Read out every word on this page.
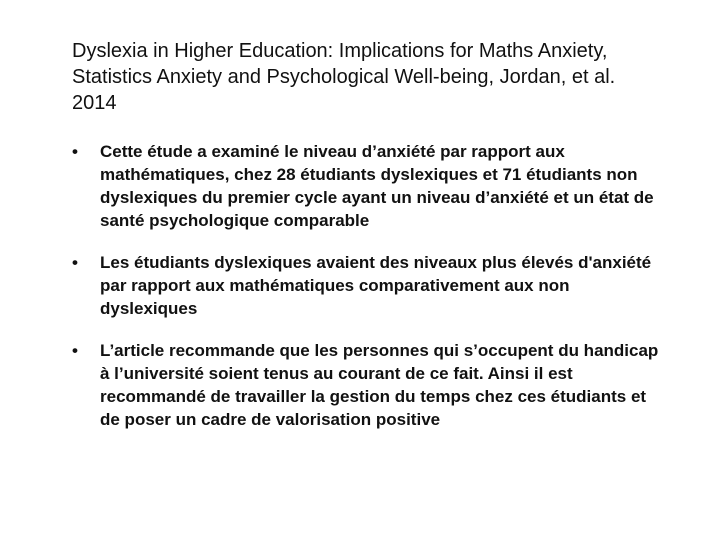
Dyslexia in Higher Education: Implications for Maths Anxiety, Statistics Anxiety and Psychological Well-being, Jordan, et al. 2014
• Cette étude a examiné le niveau d’anxiété par rapport aux mathématiques, chez 28 étudiants dyslexiques et 71 étudiants non dyslexiques du premier cycle ayant un niveau d’anxiété et un état de santé psychologique comparable
• Les étudiants dyslexiques avaient des niveaux plus élevés d'anxiété par rapport aux mathématiques comparativement aux non dyslexiques
• L’article recommande que les personnes qui s’occupent du handicap à l’université soient tenus au courant de ce fait. Ainsi il est recommandé de travailler la gestion du temps chez ces étudiants et de poser un cadre de valorisation positive
